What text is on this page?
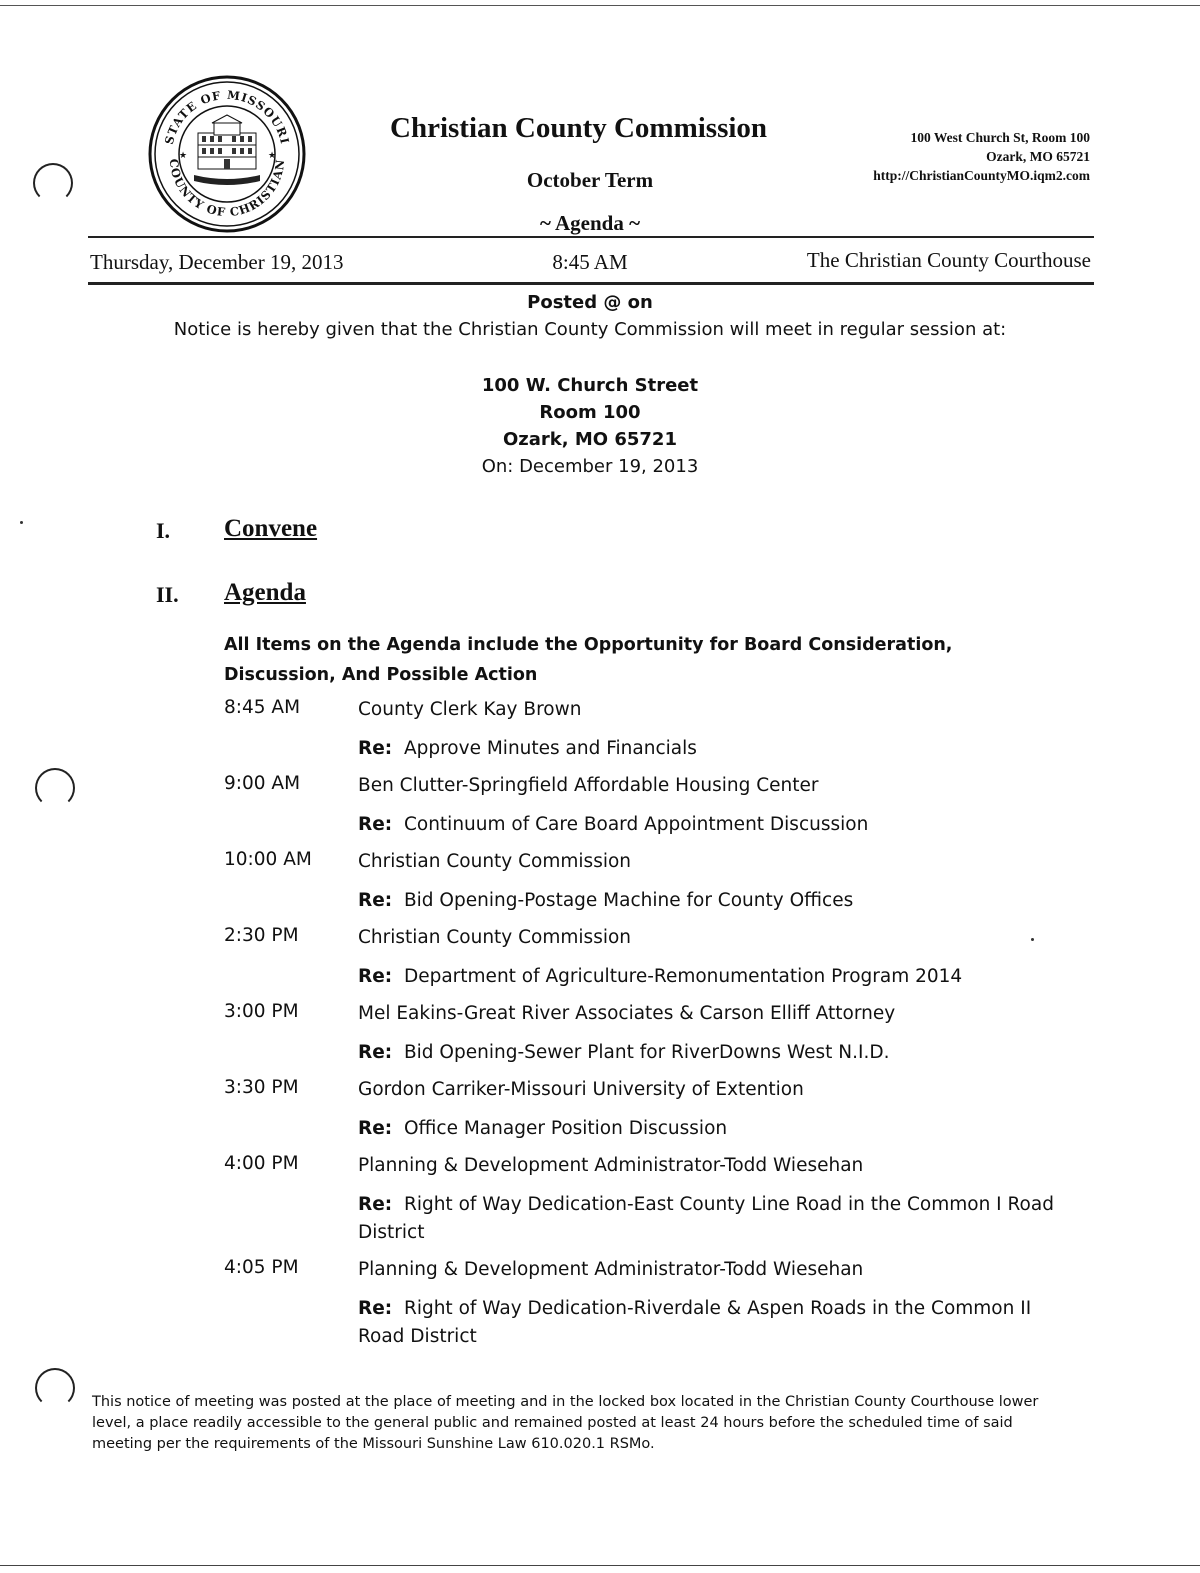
STATE OF MISSOURI
COUNTY OF CHRISTIAN
★	★
Christian County Commission
October Term
~ Agenda ~
100 West Church St, Room 100
Ozark, MO 65721
http://ChristianCountyMO.iqm2.com
Thursday, December 19, 2013	8:45 AM	The Christian County Courthouse
Posted @ on
Notice is hereby given that the Christian County Commission will meet in regular session at:
100 W. Church Street
Room 100
Ozark, MO 65721
On: December 19, 2013
I. Convene
II. Agenda
All Items on the Agenda include the Opportunity for Board Consideration, Discussion, And Possible Action
8:45 AM	County Clerk Kay Brown
Re: Approve Minutes and Financials
9:00 AM	Ben Clutter-Springfield Affordable Housing Center
Re: Continuum of Care Board Appointment Discussion
10:00 AM	Christian County Commission
Re: Bid Opening-Postage Machine for County Offices
2:30 PM	Christian County Commission
Re: Department of Agriculture-Remonumentation Program 2014
3:00 PM	Mel Eakins-Great River Associates & Carson Elliff Attorney
Re: Bid Opening-Sewer Plant for RiverDowns West N.I.D.
3:30 PM	Gordon Carriker-Missouri University of Extention
Re: Office Manager Position Discussion
4:00 PM	Planning & Development Administrator-Todd Wiesehan
Re: Right of Way Dedication-East County Line Road in the Common I Road District
4:05 PM	Planning & Development Administrator-Todd Wiesehan
Re: Right of Way Dedication-Riverdale & Aspen Roads in the Common II Road District
This notice of meeting was posted at the place of meeting and in the locked box located in the Christian County Courthouse lower level, a place readily accessible to the general public and remained posted at least 24 hours before the scheduled time of said meeting per the requirements of the Missouri Sunshine Law 610.020.1 RSMo.
